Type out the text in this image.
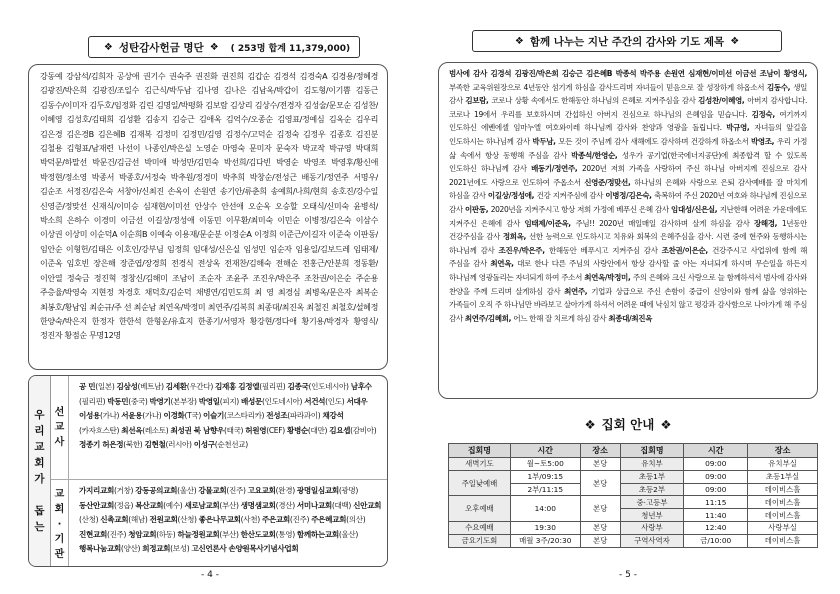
❖ 성탄감사헌금 명단 ❖ ( 253명 합계 11,379,000)
강동예 강삼석/김희자 공상애 권기수 권숙주 권진화 권진희 김갑순 김경석 김경숙A 김경용/정혜경 김광진/박은희 김광진/조일수 김근식/박두남 김나영 김나은 김남옥/박갑이 김도형/이기쁨 김동근 김동수/이미자 김두호/임정화 김린 김명일/박평화 김보람 김상리 김상수/전경자 김성술/문모순 김성찬/이혜영 김성호/김태희 김성환 김송지 김승근 김애옥 김억수/오종순 김영표/정예심 김옥순 김우리 김은경 김은경B 김은혜B 김재복 김정미 김정민/김영 김정수/고덕순 김정숙 김정우 김종호 김진분 김철용 김형표/남재련 나선이 나종인/박은실 노영순 마영숙 문미자 문숙자 박교작 박규영 박대희 박덕문/하말선 박문건/김금선 박미애 박성만/김민숙 박선희/김다빈 박영순 박영조 박영후/황신애 박정현/정소영 박종서 박종호/서정숙 박추원/정경미 박추희 박창순/전성근 배동기/정연주 서명우/김순조 서정진/김은숙 서창아/신최진 손옥이 손원연 송기안/류춘희 송예희/나희/현희 송호진/강수일 신영준/정맞선 신재식/이미승 심재현/이미선 안상수 안선애 오순옥 오승할 오태식/신미숙 윤병석/박소희 은하수 이경미 이금선 이길상/정성애 이동민 이무환/최미숙 이민순 이병정/김은숙 이삼수 이상권 이상미 이순덕A 이순희B 이예숙 이용재/문순분 이정순A 이정희 이준근/이길자 이준숙 이판동/임안순 이형헌/김태은 이호인/강부님 임정희 임대성/신은실 임성민 임순자 임용일/김보드레 임태제/이준옥 임호빈 장은해 장준엽/장경희 전경식 전상옥 전재찬/김해숙 전해순 전홍근/안분희 정동환/이안열 정숙금 정진혁 정창신/김해미 조남이 조순자 조윤주 조진우/박은주 조찬권/이은순 주순용 주층율/박영숙 지현정 차경호 채덕호/김순덕 채병연/김민도희 최 영 최경심 최병옥/문은자 최복순 최봉호/황남임 최순규/주 선 최순남 최연옥/박정미 최연주/김복희 최종대/최진옥 최철진 최철호/설혜정 한양숙/박은지 한정자 한한석 한형운/유효지 한종기/서영자 황강현/정다애 황기용/박경자 황영식/정진자 황점순 무명12명
우
리
교
회
가

돕
는
선
교
사
공 민(일본) 김삼성(베트남) 김세환(우간다) 김재홍 김정엘(필리핀) 김종국(인도네시아) 남후수(필리핀) 박동민(중국) 박영기(본부장) 박영일(피지) 배성문(인도네시아) 서건석(인도) 서대우 이성용(가나) 서윤용(가나) 이경화(T국) 이슬기(코스타리카) 전성조(파라과이) 채강석(카자흐스탄) 최선옥(레소토) 최성권 북 남향우(태국) 허원영(CEF) 황병순(대만) 김요셉(감비아) 정종기 허은정(북한) 김현철(러시아) 이성구(순천선교)
교
회
·
기
관
가지리교회(거창) 강동공의교회(울산) 강물교회(진주) 고요교회(완경) 광명일심교회(광명) 동산안교회(정읍) 복산교회(예수) 새로남교회(부산) 생명샘교회(경산) 서미나교회(대백) 신안교회(산청) 신촉교회(해남) 전원교회(산청) 좋은나무교회(사천) 주은교회(진주) 주은혜교회(의산) 진현교회(진주) 청암교회(하동) 하늘정원교회(부산) 한산도교회(통영) 함께하는교회(울산) 행복나눔교회(양산) 희정교회(보성) 고신언론사 손양원목사기념사업회
- 4 -
❖ 함께 나누는 지난 주간의 감사와 기도 제목 ❖
범사에 감사 김경석 김광진/박은희 김승근 김은혜B 박종석 박주용 손원연 심재현/이미선 이금선 조남이 황영식, 부족한 교육위원장으로 4년동안 섬기게 하심을 감사드리며 자녀들이 믿음으로 잘 성장하게 하옵소서 김동수, 생일 감사 김보람, 코로나 상황 속에서도 한해동안 하나님의 은혜로 지켜주심을 감사 김성찬/이혜영, 아버지 감사합니다. 코로나 19에서 우리를 보호하시며 간섭하신 아버지 진심으로 하나님의 은혜임을 믿습니다. 김정숙, 여기까지 인도하신 에벤에셀 임마누엘 여호와이레 하나님께 감사와 찬양과 영광을 돌립니다. 박규영, 자녀들의 앞길을 인도하시는 하나님께 감사 박두남, 모든 것이 주님께 감사 새해에도 감사하며 건강하게 하옵소서 박영조, 우리 가정 삶 속에서 항상 동행해 주심을 감사 박종석/한영순, 성우가 공기업(한국에너지공단)에 최종합격 할 수 있도록 인도하신 하나님께 감사 배동기/정연주, 2020년 저희 가족을 사랑하여 주신 하나님 아버지께 진심으로 감사 2021년에도 사랑으로 인도하여 주옵소서 신영준/정맞선, 하나님의 은혜와 사랑으로 은퇴 감사예배를 잘 마치게 하심을 감사 이길상/정성애, 건강 지켜주심에 감사 이병정/김은숙, 축복하여 주신 2020년 여호와 하나님께 진심으로 감사 이판동, 2020년을 지켜주시고 항상 저희 가정에 베푸신 은혜 감사 임대성/신은실, 지난한해 어려운 가운데에도 지켜주신 은혜에 감사 임태제/이준옥, 주님!! 2020년 매일매일 감사하며 살게 하심을 감사 장해경, 1년동안 건강주심을 감사 정희옥, 선한 능력으로 인도하시고 치유와 회복의 은혜주심을 감사. 시련 중에 현주와 동행하시는 하나님께 감사 조진우/박은주, 한해동안 베푸시고 지켜주심 감사 조찬권/이은순, 건강주시고 사업위에 함께 해 주심을 감사 최연옥, 대로 한나 다른 주님의 사랑안에서 항상 감사할 줄 아는 자녀되게 하시며 무슨일을 하든지 하나님께 영광돌리는 자녀되게 하여 주소서 최연옥/박정미, 주의 은혜와 크신 사랑으로 늘 함께하셔서 범사에 감사와 찬양을 주께 드리며 살게하심 감사 최연주, 기업과 상급으로 주신 손함이 중급이 신앙이와 함께 삶을 영위하는 가족들이 오직 주 하나님만 바라보고 살아가게 하셔서 어려운 때에 낙심치 않고 평강과 감사함으로 나아가게 해 주심 감사 최연주/김혜희, 어느 한해 잘 치르게 하심 감사 최종대/최진옥
❖ 집회 안내 ❖
집회명	시간	장소	집회명	시간	장소
새벽기도	월~토5:00	본당	유치부	09:00	유치부실
주일낮예배	1부/09:15	본당	초등1부	09:00	초등1부실
	2부/11:15		초등2부	09:00	데이비스홀
오후예배	14:00	본당	중·고등부	11:15	데이비스홀
			청년부	11:40	데이비스홀
수요예배	19:30	본당	사랑부	12:40	사랑부실
금요기도회	매월 3주/20:30	본당	구역사역자	금/10:00	데이비스홀
- 5 -
